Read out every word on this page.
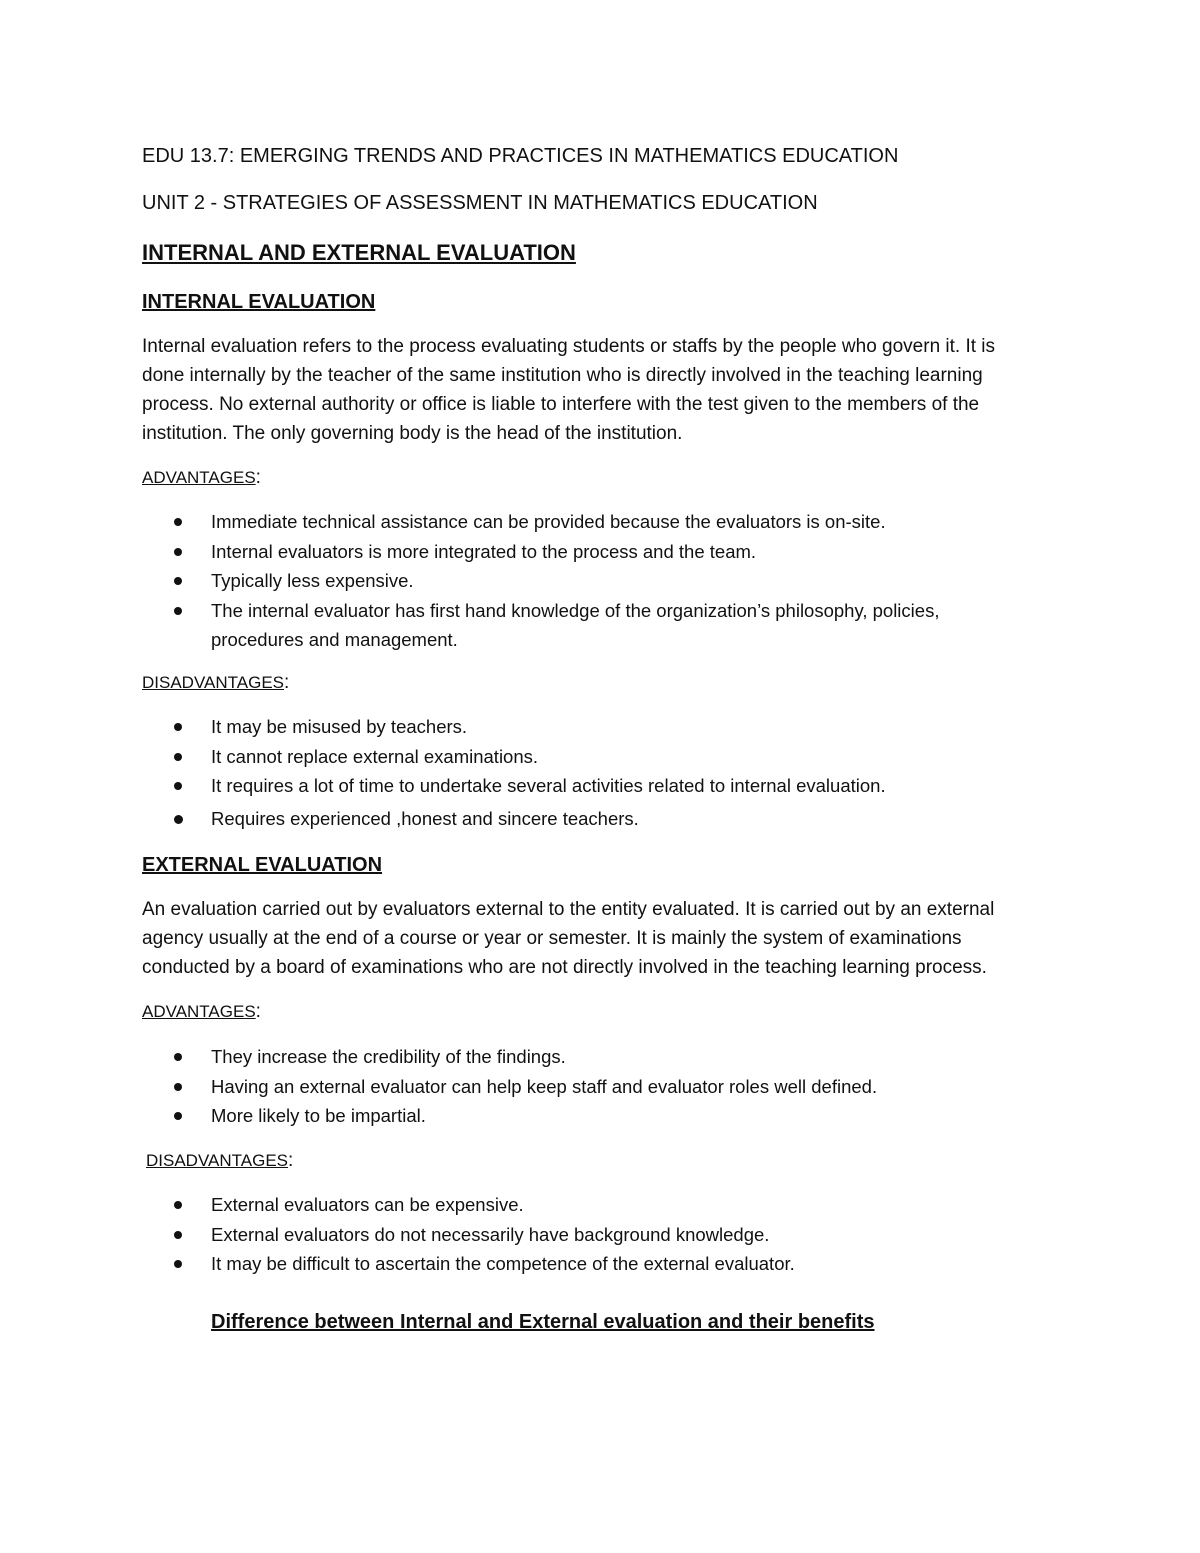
EDU 13.7: EMERGING TRENDS AND PRACTICES IN MATHEMATICS EDUCATION
UNIT 2 - STRATEGIES OF ASSESSMENT IN MATHEMATICS EDUCATION
INTERNAL AND EXTERNAL EVALUATION
INTERNAL EVALUATION
Internal evaluation refers to the process evaluating students or staffs by the people who govern it. It is
done internally by the teacher of the same institution who is directly involved in the teaching learning
process. No external authority or office is liable to interfere with the test given to the members of the
institution. The only governing body is the head of the institution.
ADVANTAGES:
Immediate technical assistance can be provided because the evaluators is on-site.
Internal evaluators is more integrated to the process and the team.
Typically less expensive.
The internal evaluator has first hand knowledge of the organization’s philosophy, policies,
procedures and management.
DISADVANTAGES:
It may be misused by teachers.
It cannot replace external examinations.
It requires a lot of time to undertake several activities related to internal evaluation.
Requires experienced ,honest and sincere teachers.
EXTERNAL EVALUATION
An evaluation carried out by evaluators external to the entity evaluated. It is carried out by an external
agency usually at the end of a course or year or semester. It is mainly the system of examinations
conducted by a board of examinations who are not directly involved in the teaching learning process.
ADVANTAGES:
They increase the credibility of the findings.
Having an external evaluator can help keep staff and evaluator roles well defined.
More likely to be impartial.
DISADVANTAGES:
External evaluators can be expensive.
External evaluators do not necessarily have background knowledge.
It may be difficult to ascertain the competence of the external evaluator.
Difference between Internal and External evaluation and their benefits
